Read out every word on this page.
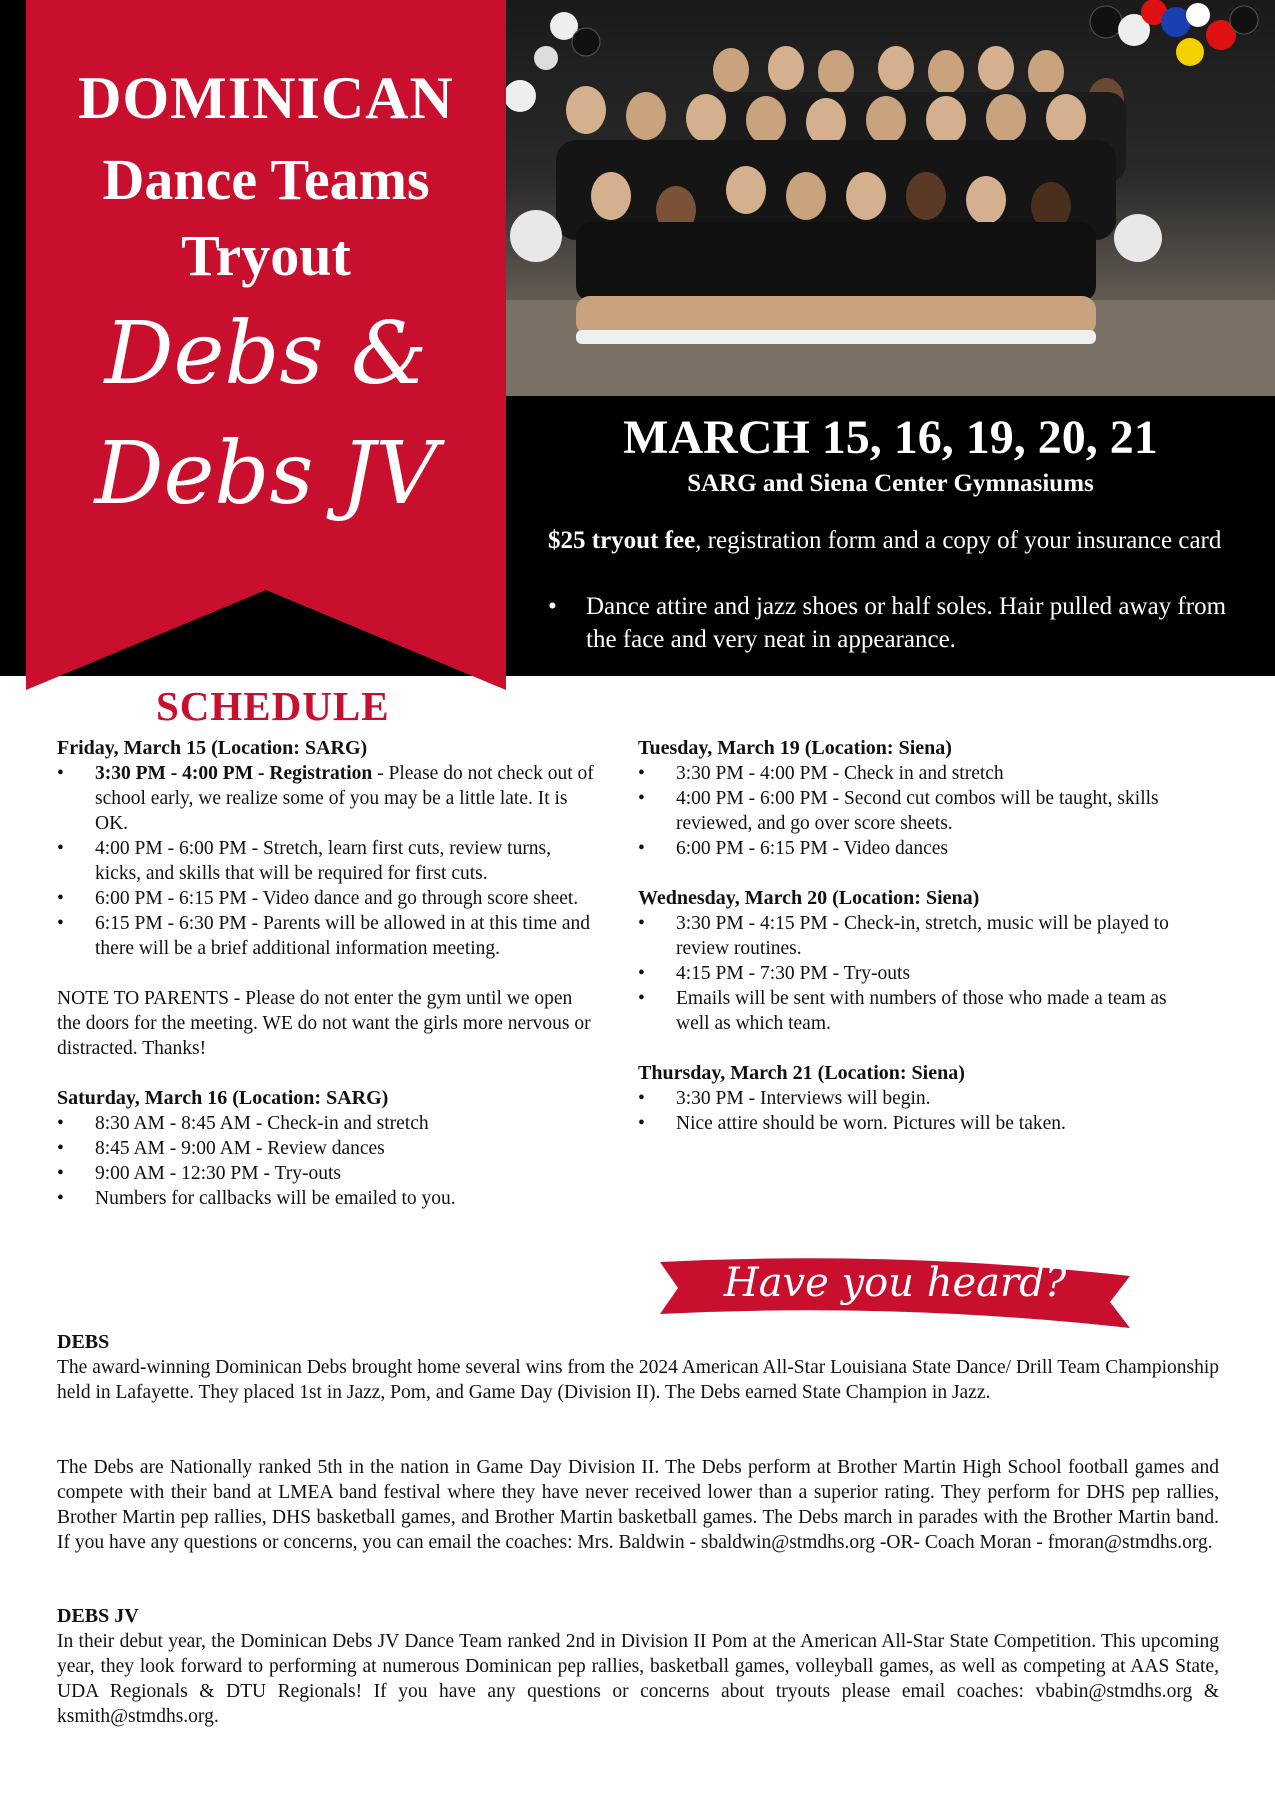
DOMINICAN
Dance Teams
Tryout
Debs &
Debs JV	MARCH 15, 16, 19, 20, 21
SARG and Siena Center Gymnasiums
$25 tryout fee, registration form and a copy of your insurance card
• Dance attire and jazz shoes or half soles. Hair pulled away from the face and very neat in appearance.
SCHEDULE

Friday, March 15 (Location: SARG)

• 3:30 PM - 4:00 PM - Registration - Please do not check out of school early, we realize some of you may be a little late. It is OK.
• 4:00 PM - 6:00 PM - Stretch, learn first cuts, review turns, kicks, and skills that will be required for first cuts.
• 6:00 PM - 6:15 PM - Video dance and go through score sheet.
• 6:15 PM - 6:30 PM - Parents will be allowed in at this time and there will be a brief additional information meeting.

NOTE TO PARENTS - Please do not enter the gym until we open the doors for the meeting. WE do not want the girls more nervous or distracted. Thanks!

Saturday, March 16 (Location: SARG)

• 8:30 AM - 8:45 AM - Check-in and stretch
• 8:45 AM - 9:00 AM - Review dances
• 9:00 AM - 12:30 PM - Try-outs
• Numbers for callbacks will be emailed to you.

Tuesday, March 19 (Location: Siena)

• 3:30 PM - 4:00 PM - Check in and stretch
• 4:00 PM - 6:00 PM - Second cut combos will be taught, skills reviewed, and go over score sheets.
• 6:00 PM - 6:15 PM - Video dances

Wednesday, March 20 (Location: Siena)

• 3:30 PM - 4:15 PM - Check-in, stretch, music will be played to review routines.
• 4:15 PM - 7:30 PM - Try-outs
• Emails will be sent with numbers of those who made a team as well as which team.

Thursday, March 21 (Location: Siena)

• 3:30 PM - Interviews will begin.
• Nice attire should be worn. Pictures will be taken.
Have you heard?
DEBS

The award-winning Dominican Debs brought home several wins from the 2024 American All-Star Louisiana State Dance/ Drill Team Championship held in Lafayette. They placed 1st in Jazz, Pom, and Game Day (Division II). The Debs earned State Champion in Jazz.

The Debs are Nationally ranked 5th in the nation in Game Day Division II. The Debs perform at Brother Martin High School football games and compete with their band at LMEA band festival where they have never received lower than a superior rating. They perform for DHS pep rallies, Brother Martin pep rallies, DHS basketball games, and Brother Martin basketball games. The Debs march in parades with the Brother Martin band. If you have any questions or concerns, you can email the coaches: Mrs. Baldwin - sbaldwin@stmdhs.org -OR- Coach Moran - fmoran@stmdhs.org.

DEBS JV

In their debut year, the Dominican Debs JV Dance Team ranked 2nd in Division II Pom at the American All-Star State Competition. This upcoming year, they look forward to performing at numerous Dominican pep rallies, basketball games, volleyball games, as well as competing at AAS State, UDA Regionals & DTU Regionals! If you have any questions or concerns about tryouts please email coaches: vbabin@stmdhs.org & ksmith@stmdhs.org.
